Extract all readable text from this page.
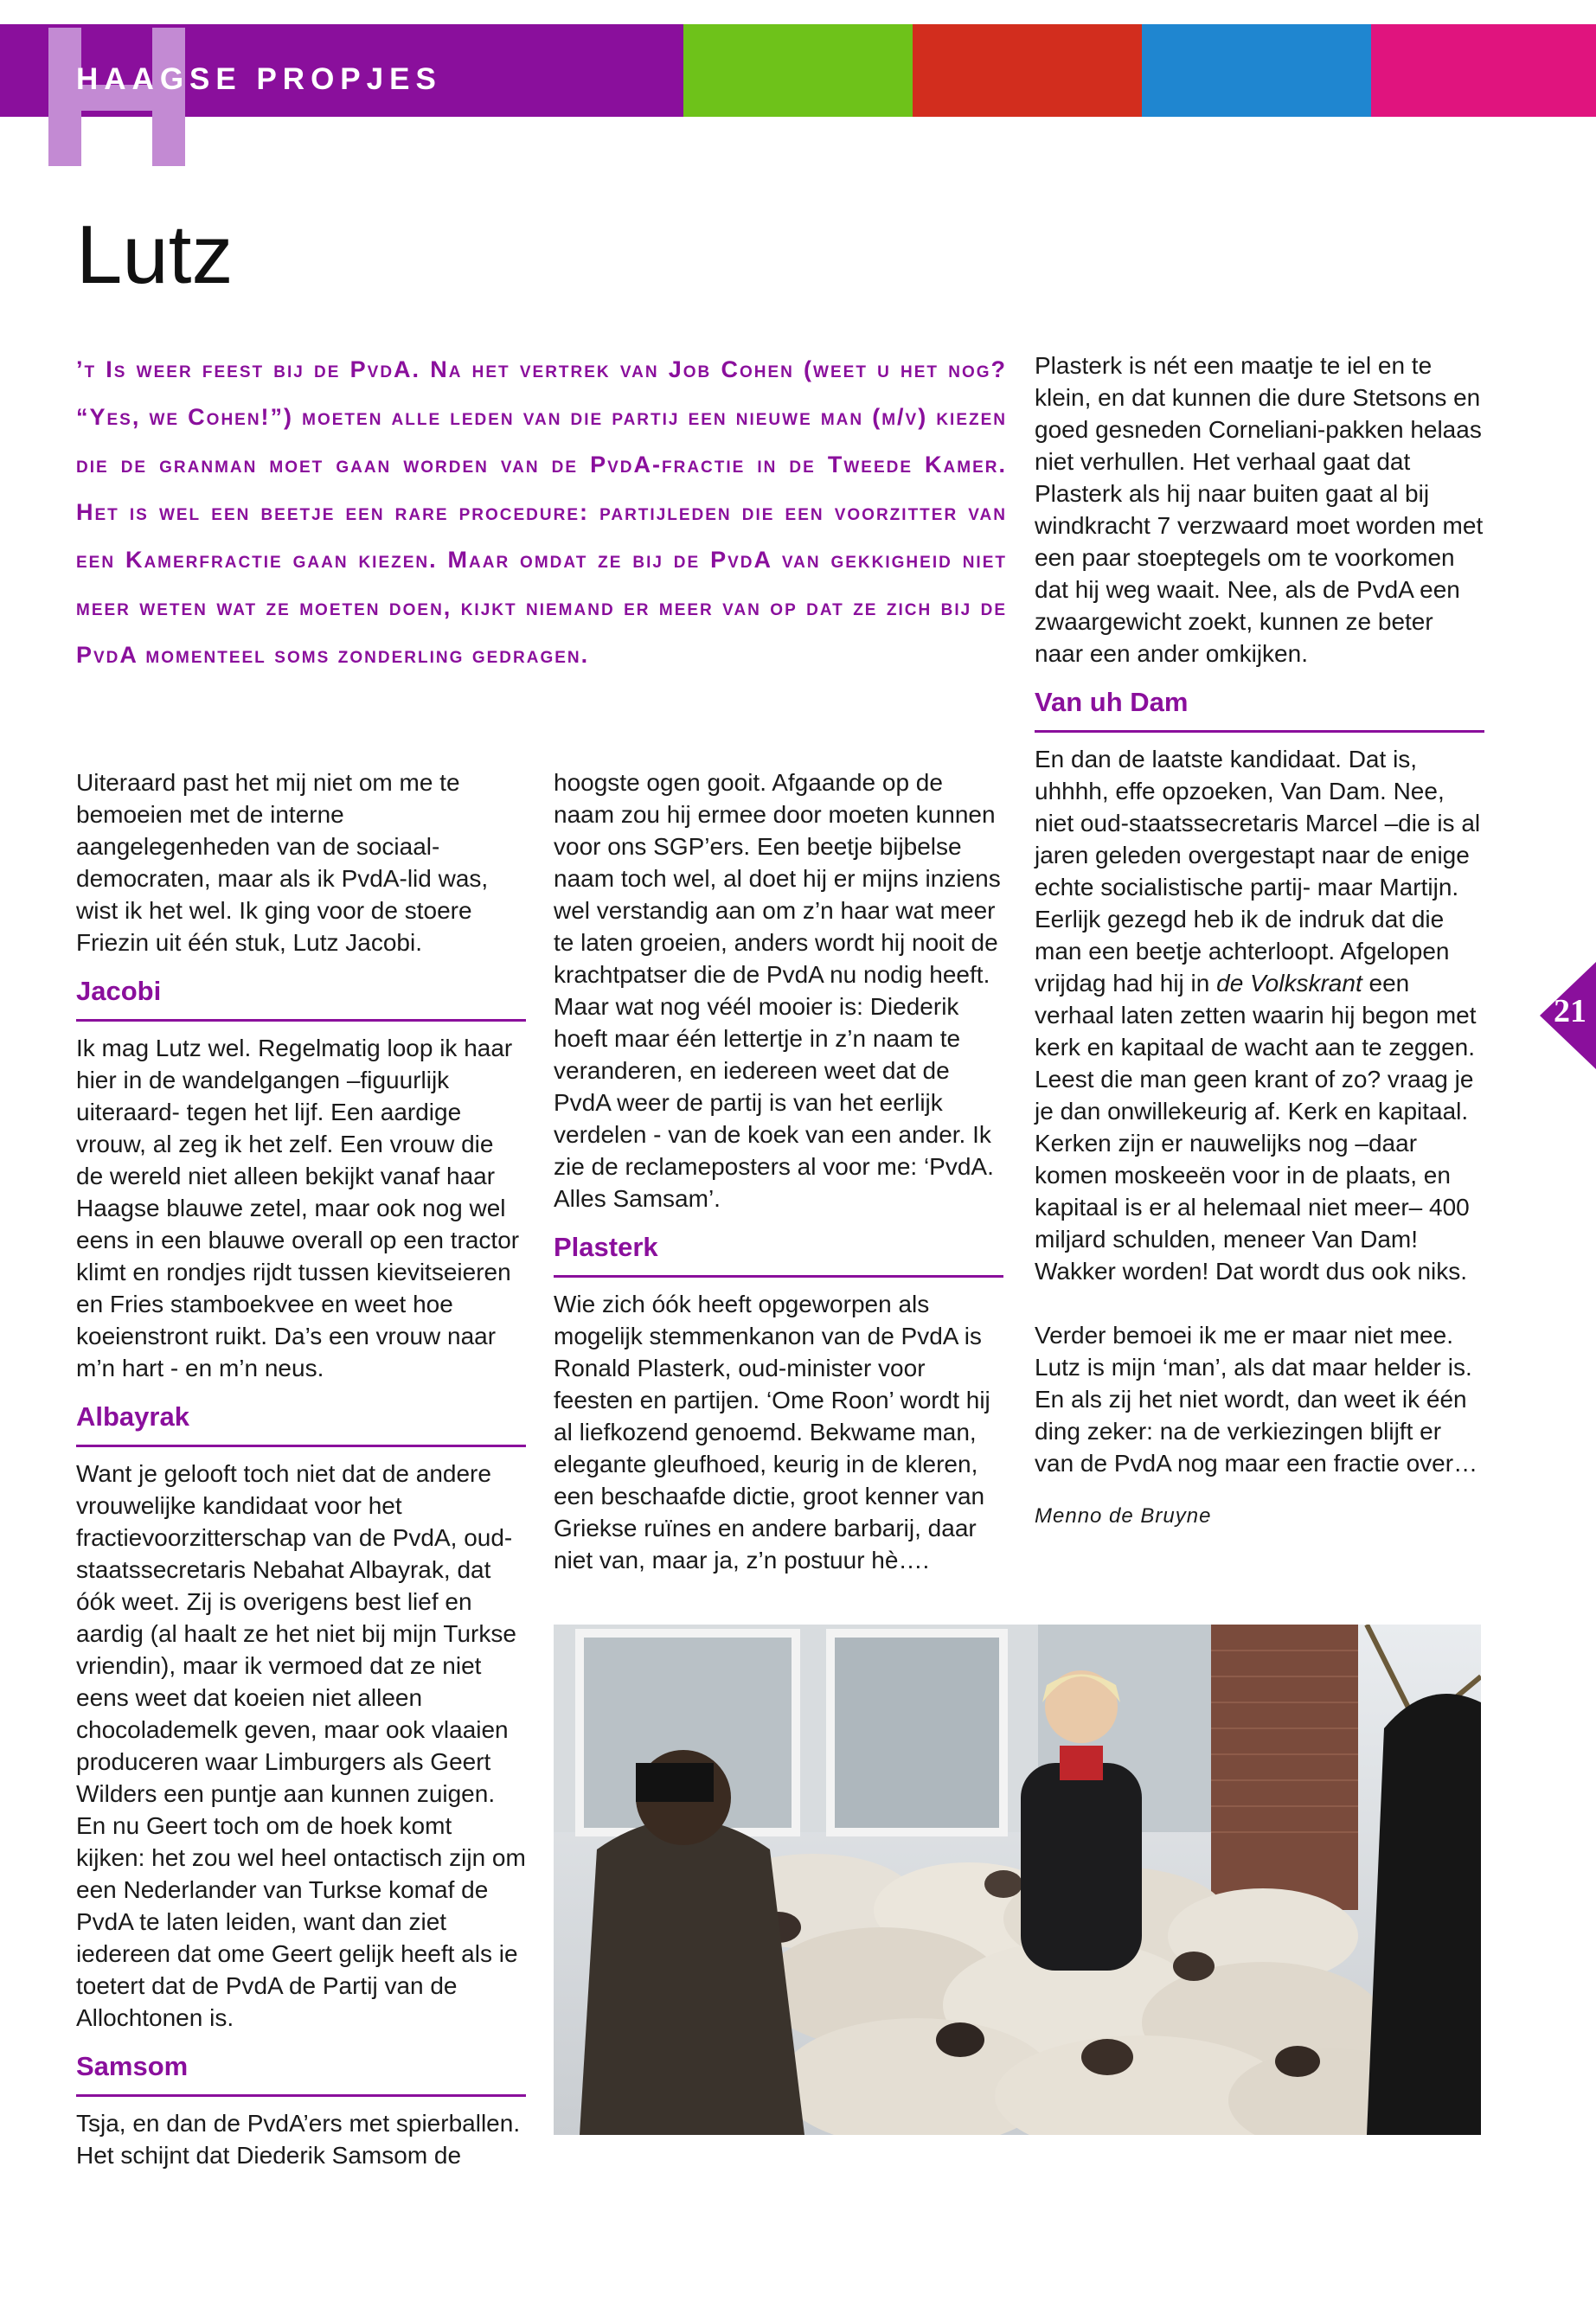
HAAGSE PROPJES
Lutz
’t Is weer feest bij de PvdA. Na het vertrek van Job Cohen (weet u het nog? “Yes, we Cohen!”) moeten alle leden van die partij een nieuwe man (m/v) kiezen die de granman moet gaan worden van de PvdA-fractie in de Tweede Kamer. Het is wel een beetje een rare procedure: partijleden die een voorzitter van een Kamerfractie gaan kiezen. Maar omdat ze bij de PvdA van gekkigheid niet meer weten wat ze moeten doen, kijkt niemand er meer van op dat ze zich bij de PvdA momenteel soms zonderling gedragen.

Uiteraard past het mij niet om me te bemoeien met de interne aangelegenheden van de sociaal-democraten, maar als ik PvdA-lid was, wist ik het wel. Ik ging voor de stoere Friezin uit één stuk, Lutz Jacobi.

Jacobi

Ik mag Lutz wel. Regelmatig loop ik haar hier in de wandelgangen –figuurlijk uiteraard- tegen het lijf. Een aardige vrouw, al zeg ik het zelf. Een vrouw die de wereld niet alleen bekijkt vanaf haar Haagse blauwe zetel, maar ook nog wel eens in een blauwe overall op een tractor klimt en rondjes rijdt tussen kievitseieren en Fries stamboekvee en weet hoe koeienstront ruikt. Da’s een vrouw naar m’n hart - en m’n neus.

Albayrak

Want je gelooft toch niet dat de andere vrouwelijke kandidaat voor het fractievoorzitterschap van de PvdA, oud-staatssecretaris Nebahat Albayrak, dat óók weet. Zij is overigens best lief en aardig (al haalt ze het niet bij mijn Turkse vriendin), maar ik vermoed dat ze niet eens weet dat koeien niet alleen chocolademelk geven, maar ook vlaaien produceren waar Limburgers als Geert Wilders een puntje aan kunnen zuigen. En nu Geert toch om de hoek komt kijken: het zou wel heel ontactisch zijn om een Nederlander van Turkse komaf de PvdA te laten leiden, want dan ziet iedereen dat ome Geert gelijk heeft als ie toetert dat de PvdA de Partij van de Allochtonen is.

Samsom

Tsja, en dan de PvdA’ers met spierballen. Het schijnt dat Diederik Samsom de

hoogste ogen gooit. Afgaande op de naam zou hij ermee door moeten kunnen voor ons SGP’ers. Een beetje bijbelse naam toch wel, al doet hij er mijns inziens wel verstandig aan om z’n haar wat meer te laten groeien, anders wordt hij nooit de krachtpatser die de PvdA nu nodig heeft. Maar wat nog véél mooier is: Diederik hoeft maar één lettertje in z’n naam te veranderen, en iedereen weet dat de PvdA weer de partij is van het eerlijk verdelen - van de koek van een ander. Ik zie de reclameposters al voor me: ‘PvdA. Alles Samsam’.

Plasterk

Wie zich óók heeft opgeworpen als mogelijk stemmenkanon van de PvdA is Ronald Plasterk, oud-minister voor feesten en partijen. ‘Ome Roon’ wordt hij al liefkozend genoemd. Bekwame man, elegante gleufhoed, keurig in de kleren, een beschaafde dictie, groot kenner van Griekse ruïnes en andere barbarij, daar niet van, maar ja, z’n postuur hè….

Plasterk is nét een maatje te iel en te klein, en dat kunnen die dure Stetsons en goed gesneden Corneliani-pakken helaas niet verhullen. Het verhaal gaat dat Plasterk als hij naar buiten gaat al bij windkracht 7 verzwaard moet worden met een paar stoeptegels om te voorkomen dat hij weg waait. Nee, als de PvdA een zwaargewicht zoekt, kunnen ze beter naar een ander omkijken.

Van uh Dam

En dan de laatste kandidaat. Dat is, uhhhh, effe opzoeken, Van Dam. Nee, niet oud-staatssecretaris Marcel –die is al jaren geleden overgestapt naar de enige echte socialistische partij- maar Martijn. Eerlijk gezegd heb ik de indruk dat die man een beetje achterloopt. Afgelopen vrijdag had hij in de Volkskrant een verhaal laten zetten waarin hij begon met kerk en kapitaal de wacht aan te zeggen. Leest die man geen krant of zo? vraag je je dan onwillekeurig af. Kerk en kapitaal. Kerken zijn er nauwelijks nog –daar komen moskeeën voor in de plaats, en kapitaal is er al helemaal niet meer– 400 miljard schulden, meneer Van Dam! Wakker worden! Dat wordt dus ook niks.

Verder bemoei ik me er maar niet mee. Lutz is mijn ‘man’, als dat maar helder is. En als zij het niet wordt, dan weet ik één ding zeker: na de verkiezingen blijft er van de PvdA nog maar een fractie over…

Menno de Bruyne

21
